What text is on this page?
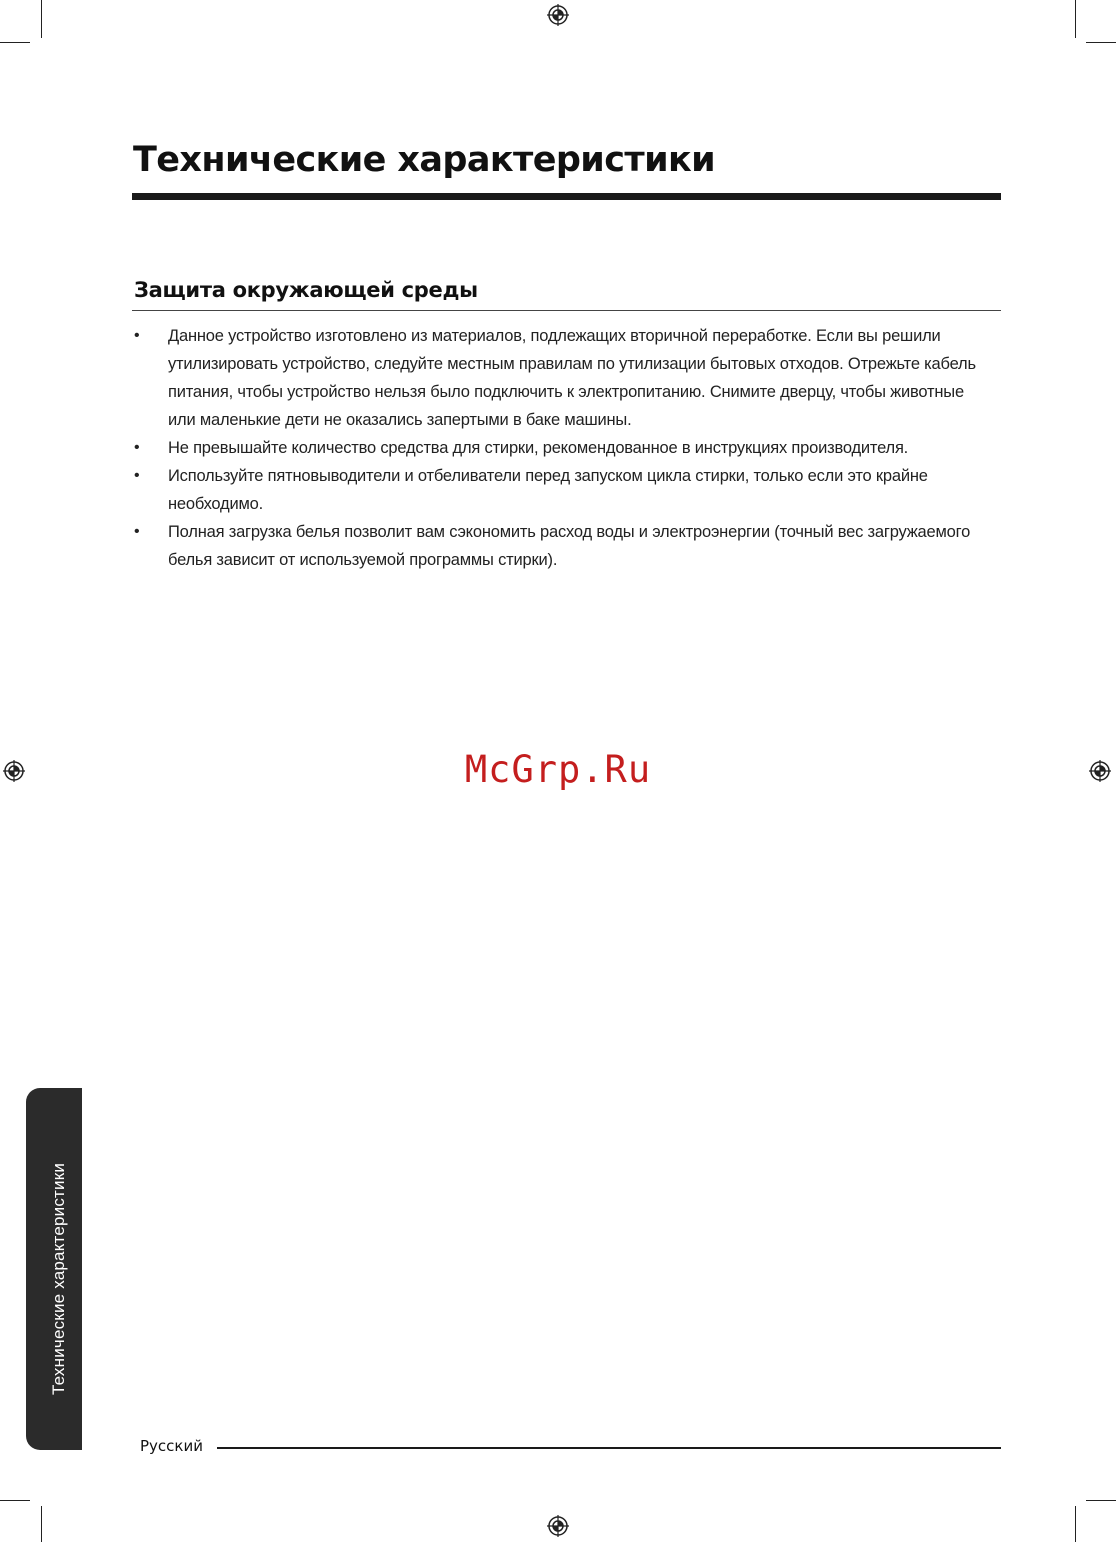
Технические характеристики
Защита окружающей среды
• Данное устройство изготовлено из материалов, подлежащих вторичной переработке. Если вы решили утилизировать устройство, следуйте местным правилам по утилизации бытовых отходов. Отрежьте кабель питания, чтобы устройство нельзя было подключить к электропитанию. Снимите дверцу, чтобы животные или маленькие дети не оказались запертыми в баке машины.
• Не превышайте количество средства для стирки, рекомендованное в инструкциях производителя.
• Используйте пятновыводители и отбеливатели перед запуском цикла стирки, только если это крайне необходимо.
• Полная загрузка белья позволит вам сэкономить расход воды и электроэнергии (точный вес загружаемого белья зависит от используемой программы стирки).
McGrp.Ru
Технические характеристики
Русский
